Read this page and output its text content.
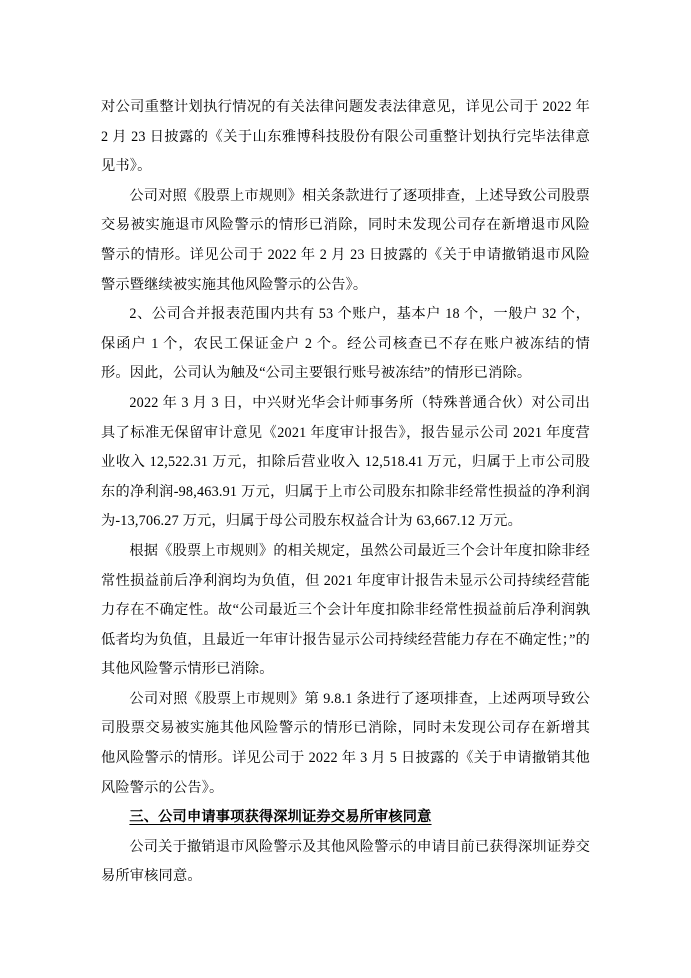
对公司重整计划执行情况的有关法律问题发表法律意见，详见公司于 2022 年 2 月 23 日披露的《关于山东雅博科技股份有限公司重整计划执行完毕法律意见书》。

公司对照《股票上市规则》相关条款进行了逐项排查，上述导致公司股票交易被实施退市风险警示的情形已消除，同时未发现公司存在新增退市风险警示的情形。详见公司于 2022 年 2 月 23 日披露的《关于申请撤销退市风险警示暨继续被实施其他风险警示的公告》。

2、公司合并报表范围内共有 53 个账户，基本户 18 个，一般户 32 个，保函户 1 个，农民工保证金户 2 个。经公司核查已不存在账户被冻结的情形。因此，公司认为触及“公司主要银行账号被冻结”的情形已消除。

2022 年 3 月 3 日，中兴财光华会计师事务所（特殊普通合伙）对公司出具了标准无保留审计意见《2021 年度审计报告》，报告显示公司 2021 年度营业收入 12,522.31 万元，扣除后营业收入 12,518.41 万元，归属于上市公司股东的净利润-98,463.91 万元，归属于上市公司股东扣除非经常性损益的净利润为-13,706.27 万元，归属于母公司股东权益合计为 63,667.12 万元。

根据《股票上市规则》的相关规定，虽然公司最近三个会计年度扣除非经常性损益前后净利润均为负值，但 2021 年度审计报告未显示公司持续经营能力存在不确定性。故“公司最近三个会计年度扣除非经常性损益前后净利润孰低者均为负值，且最近一年审计报告显示公司持续经营能力存在不确定性；”的其他风险警示情形已消除。

公司对照《股票上市规则》第 9.8.1 条进行了逐项排查，上述两项导致公司股票交易被实施其他风险警示的情形已消除，同时未发现公司存在新增其他风险警示的情形。详见公司于 2022 年 3 月 5 日披露的《关于申请撤销其他风险警示的公告》。

三、公司申请事项获得深圳证券交易所审核同意

公司关于撤销退市风险警示及其他风险警示的申请目前已获得深圳证券交易所审核同意。
